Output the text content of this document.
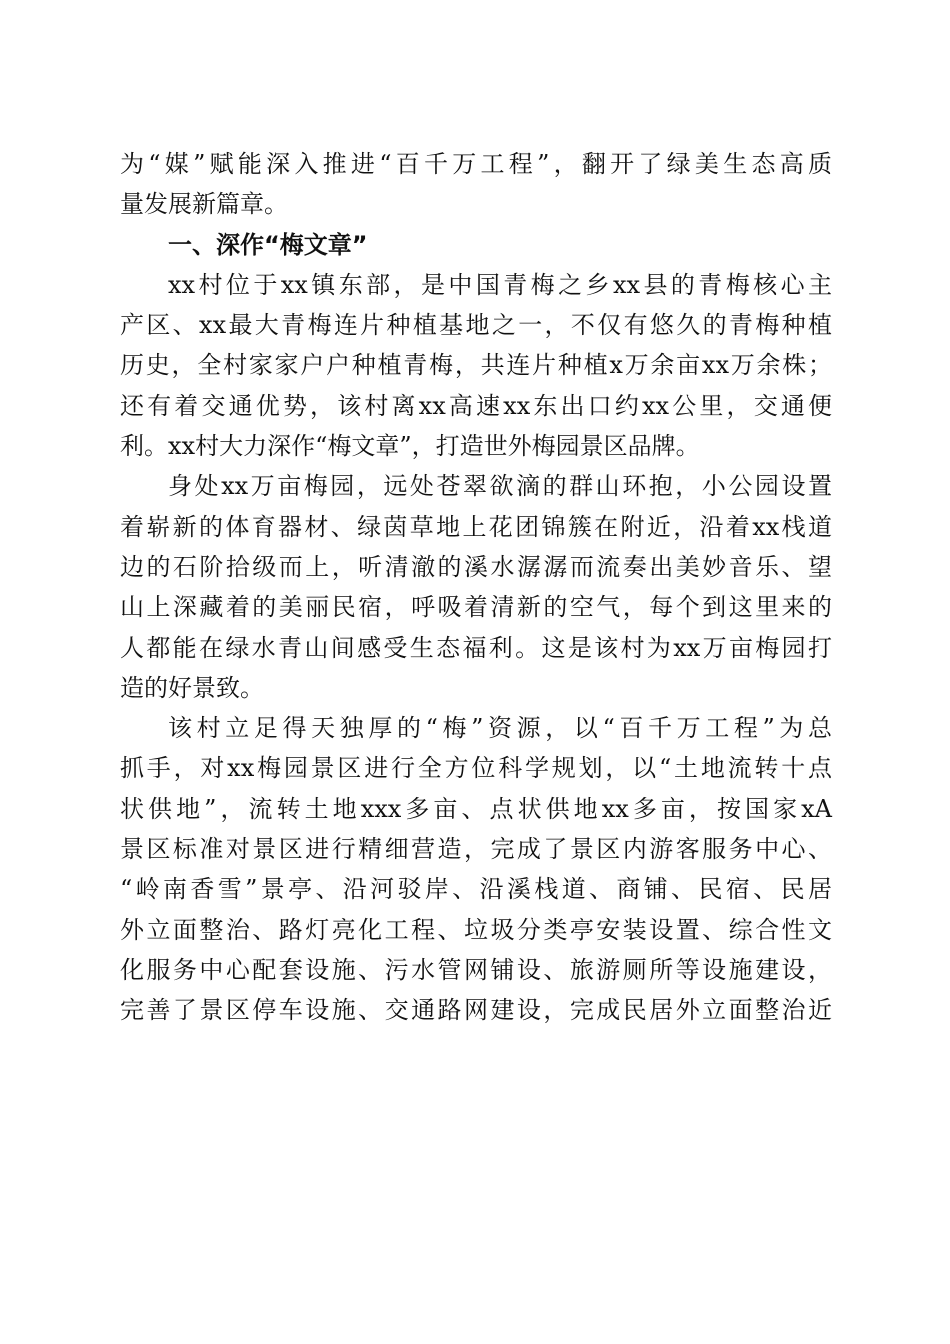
为“媒”赋能深入推进“百千万工程”，翻开了绿美生态高质
量发展新篇章。
一、深作“梅文章”
xx村位于xx镇东部，是中国青梅之乡xx县的青梅核心主
产区、xx最大青梅连片种植基地之一，不仅有悠久的青梅种植
历史，全村家家户户种植青梅，共连片种植x万余亩xx万余株；
还有着交通优势，该村离xx高速xx东出口约xx公里，交通便
利。xx村大力深作“梅文章”，打造世外梅园景区品牌。
身处xx万亩梅园，远处苍翠欲滴的群山环抱，小公园设置
着崭新的体育器材、绿茵草地上花团锦簇在附近，沿着xx栈道
边的石阶拾级而上，听清澈的溪水潺潺而流奏出美妙音乐、望
山上深藏着的美丽民宿，呼吸着清新的空气，每个到这里来的
人都能在绿水青山间感受生态福利。这是该村为xx万亩梅园打
造的好景致。
该村立足得天独厚的“梅”资源，以“百千万工程”为总
抓手，对xx梅园景区进行全方位科学规划，以“土地流转十点
状供地”，流转土地xxx多亩、点状供地xx多亩，按国家xA
景区标准对景区进行精细营造，完成了景区内游客服务中心、
“岭南香雪”景亭、沿河驳岸、沿溪栈道、商铺、民宿、民居
外立面整治、路灯亮化工程、垃圾分类亭安装设置、综合性文
化服务中心配套设施、污水管网铺设、旅游厕所等设施建设，
完善了景区停车设施、交通路网建设，完成民居外立面整治近
